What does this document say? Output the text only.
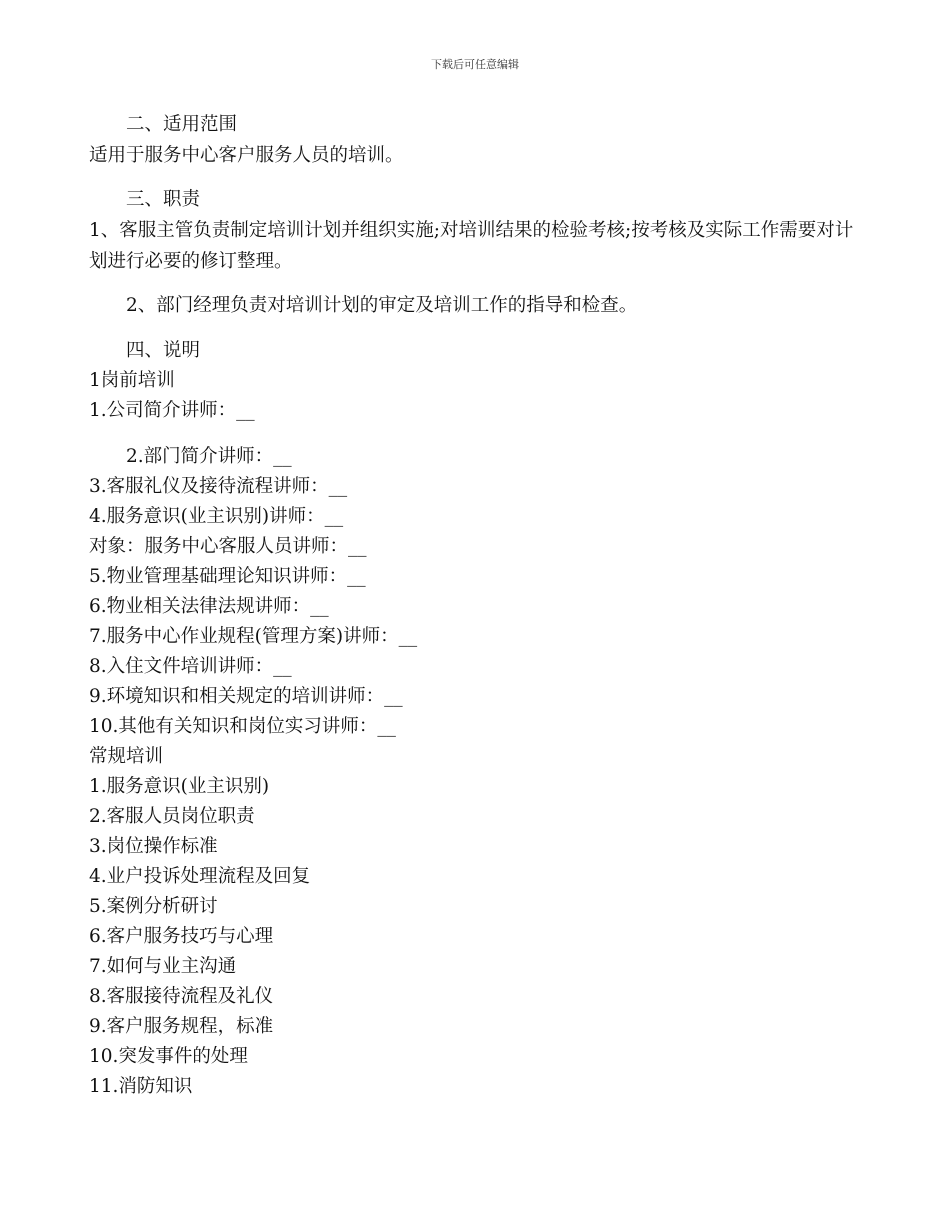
下载后可任意编辑
二、适用范围
适用于服务中心客户服务人员的培训。
三、职责
1、客服主管负责制定培训计划并组织实施;对培训结果的检验考核;按考核及实际工作需要对计划进行必要的修订整理。
2、部门经理负责对培训计划的审定及培训工作的指导和检查。
四、说明
1岗前培训
1.公司简介讲师：__
2.部门简介讲师：__
3.客服礼仪及接待流程讲师：__
4.服务意识(业主识别)讲师：__
对象：服务中心客服人员讲师：__
5.物业管理基础理论知识讲师：__
6.物业相关法律法规讲师：__
7.服务中心作业规程(管理方案)讲师：__
8.入住文件培训讲师：__
9.环境知识和相关规定的培训讲师：__
10.其他有关知识和岗位实习讲师：__
常规培训
1.服务意识(业主识别)
2.客服人员岗位职责
3.岗位操作标准
4.业户投诉处理流程及回复
5.案例分析研讨
6.客户服务技巧与心理
7.如何与业主沟通
8.客服接待流程及礼仪
9.客户服务规程，标准
10.突发事件的处理
11.消防知识
